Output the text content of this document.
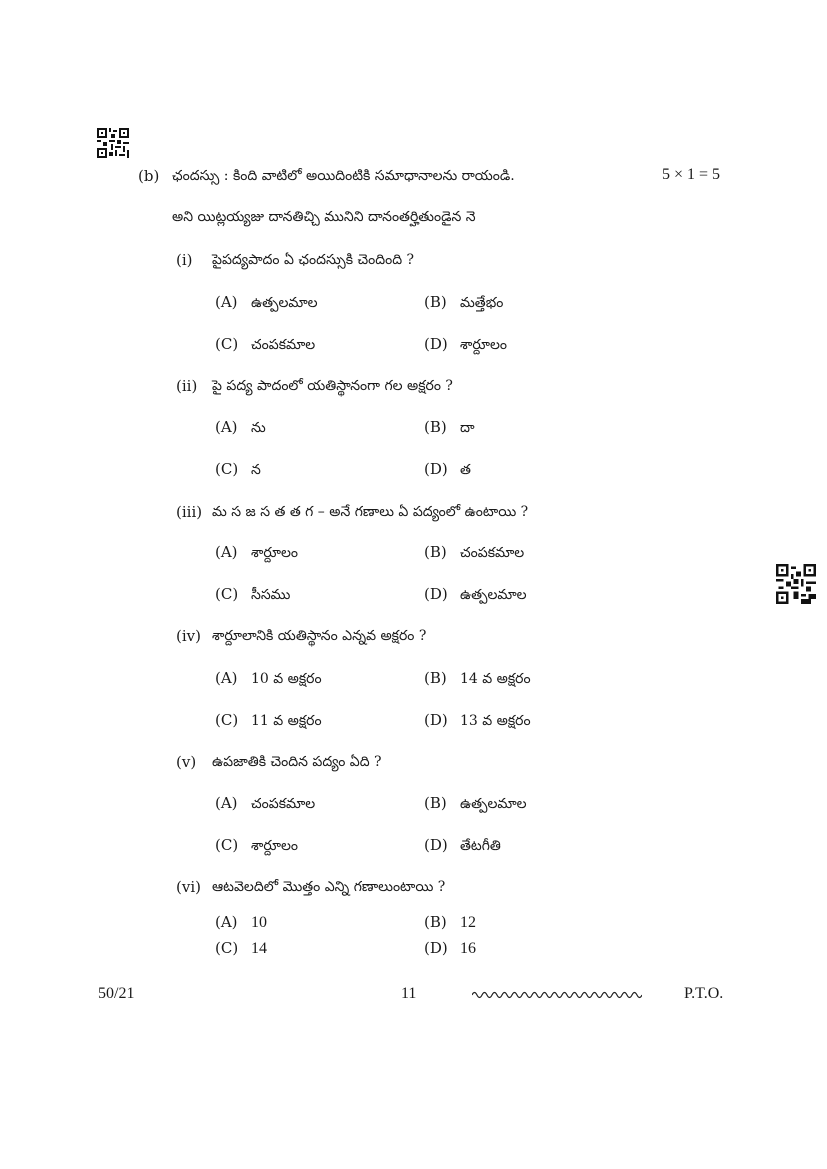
(b) ఛందస్సు : కింది వాటిలో అయిదింటికి సమాధానాలను రాయండి.	5 × 1 = 5
అని యిట్లయ్యజు దానతిచ్చి మునిని దానంతర్హితుండైన నె
(i) పైపద్యపాదం ఏ ఛందస్సుకి చెందింది ?
(A) ఉత్పలమాల	(B) మత్తేభం
(C) చంపకమాల	(D) శార్దూలం
(ii) పై పద్య పాదంలో యతిస్థానంగా గల అక్షరం ?
(A) ను	(B) దా
(C) న	(D) త
(iii) మ స జ స త త గ – అనే గణాలు ఏ పద్యంలో ఉంటాయి ?
(A) శార్దూలం	(B) చంపకమాల
(C) సీసము	(D) ఉత్పలమాల
(iv) శార్దూలానికి యతిస్థానం ఎన్నవ అక్షరం ?
(A) 10 వ అక్షరం	(B) 14 వ అక్షరం
(C) 11 వ అక్షరం	(D) 13 వ అక్షరం
(v) ఉపజాతికి చెందిన పద్యం ఏది ?
(A) చంపకమాల	(B) ఉత్పలమాల
(C) శార్దూలం	(D) తేటగీతి
(vi) ఆటవెలదిలో మొత్తం ఎన్ని గణాలుంటాయి ?
(A) 10	(B) 12
(C) 14	(D) 16
50/21	11	P.T.O.
